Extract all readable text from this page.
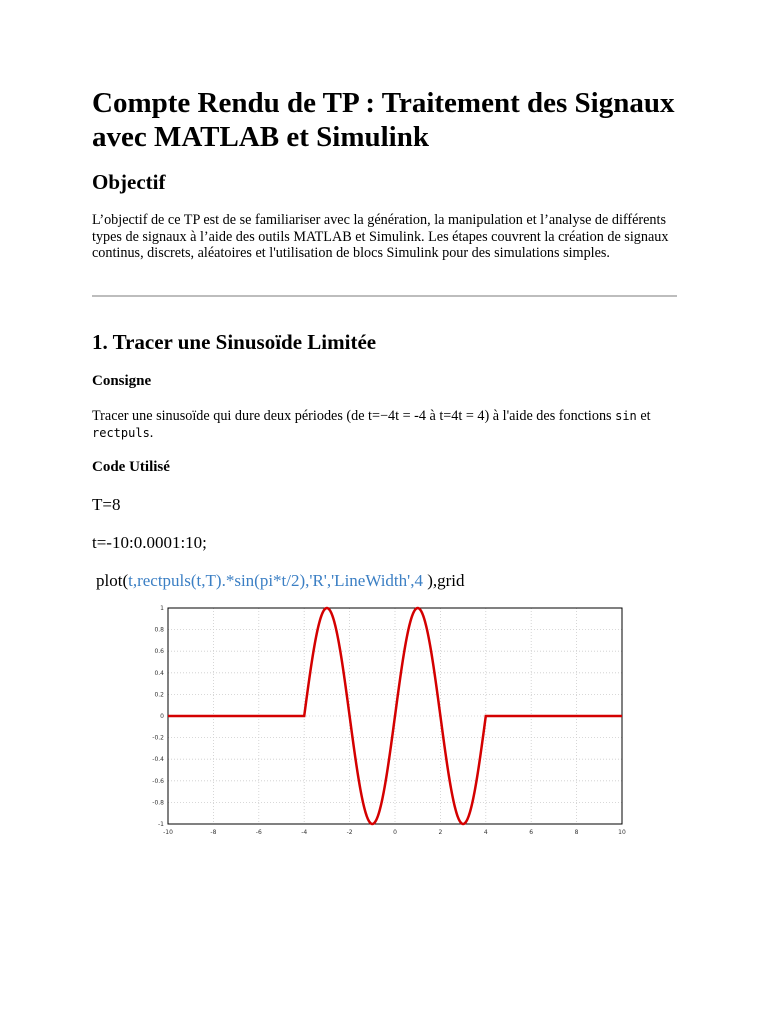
Compte Rendu de TP : Traitement des Signaux avec MATLAB et Simulink
Objectif

L’objectif de ce TP est de se familiariser avec la génération, la manipulation et l’analyse de différents types de signaux à l’aide des outils MATLAB et Simulink. Les étapes couvrent la création de signaux continus, discrets, aléatoires et l'utilisation de blocs Simulink pour des simulations simples.

1. Tracer une Sinusoïde Limitée
Consigne

Tracer une sinusoïde qui dure deux périodes (de t=−4t = -4 à t=4t = 4) à l'aide des fonctions sin et rectpuls.

Code Utilisé

T=8

t=-10:0.0001:10;

plot(t,rectpuls(t,T).*sin(pi*t/2),'R','LineWidth',4 ),grid

-10	-8	-6	-4	-2	0	2	4	6	8	10
1
0.8
0.6
0.4
0.2
0
-0.2
-0.4
-0.6
-0.8
-1
